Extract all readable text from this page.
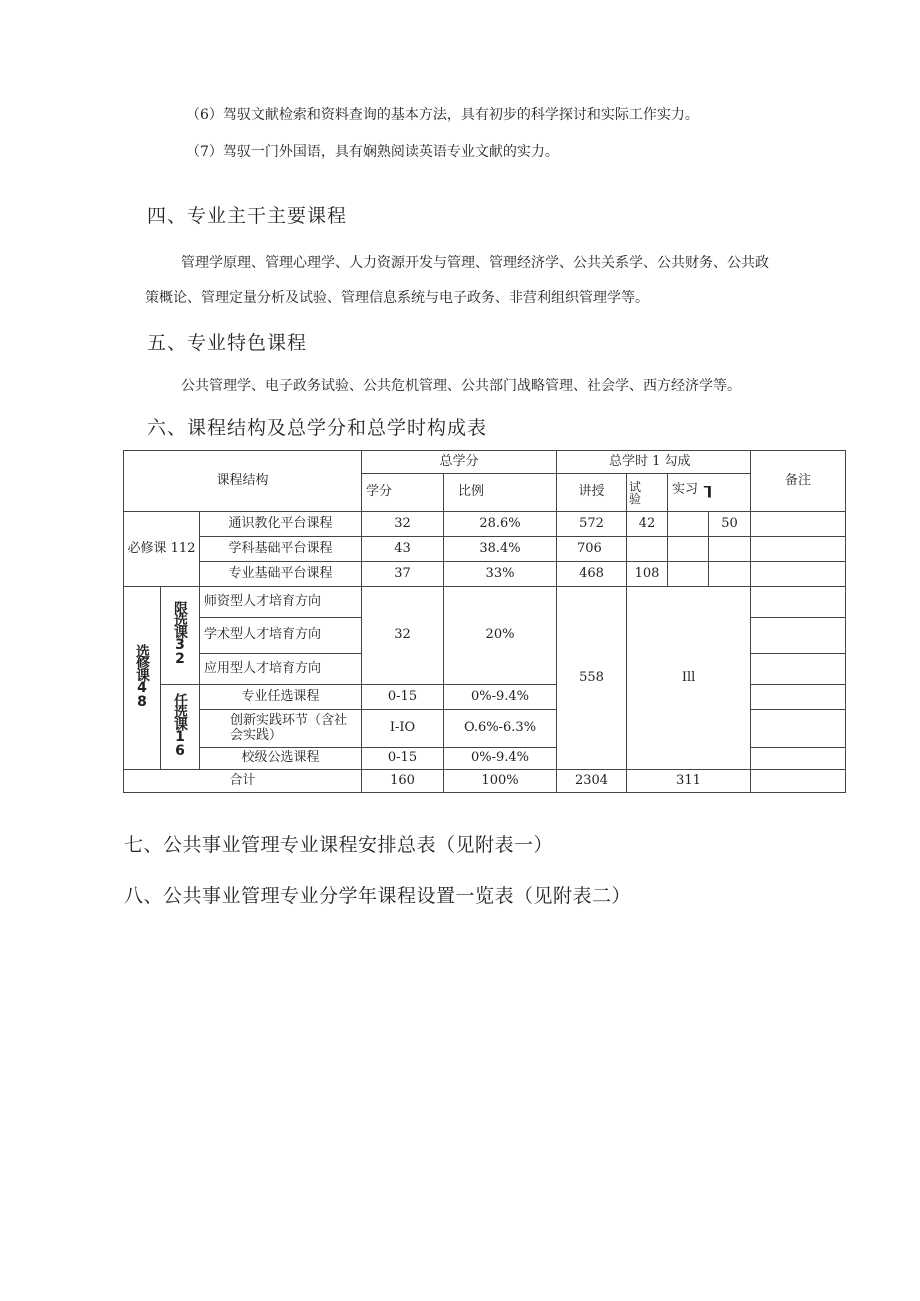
（6）驾驭文献检索和资料查询的基本方法，具有初步的科学探讨和实际工作实力。
（7）驾驭一门外国语，具有娴熟阅读英语专业文献的实力。
四、专业主干主要课程
管理学原理、管理心理学、人力资源开发与管理、管理经济学、公共关系学、公共财务、公共政
策概论、管理定量分析及试验、管理信息系统与电子政务、非营利组织管理学等。
五、专业特色课程
公共管理学、电子政务试验、公共危机管理、公共部门战略管理、社会学、西方经济学等。
六、课程结构及总学分和总学时构成表
课程结构			总学分		总学时 1 勾成				备注
			学分	比例	讲授	试验	实习 ┒		
必修课 112		通识教化平台课程	32	28.6%	572	42		50	
		学科基础平台课程	43	38.4%	706				
		专业基础平台课程	37	33%	468	108			
选修课48	限选课32	师资型人才培育方向	32	20%	558	Ill			
		学术型人才培育方向							
		应用型人才培育方向							
	任选课16	专业任选课程	0-15	0%-9.4%					
		创新实践环节（含社会实践）	I-IO	O.6%-6.3%					
		校级公选课程	0-15	0%-9.4%					
合计			160	100%	2304	311			
七、公共事业管理专业课程安排总表（见附表一）
八、公共事业管理专业分学年课程设置一览表（见附表二）
